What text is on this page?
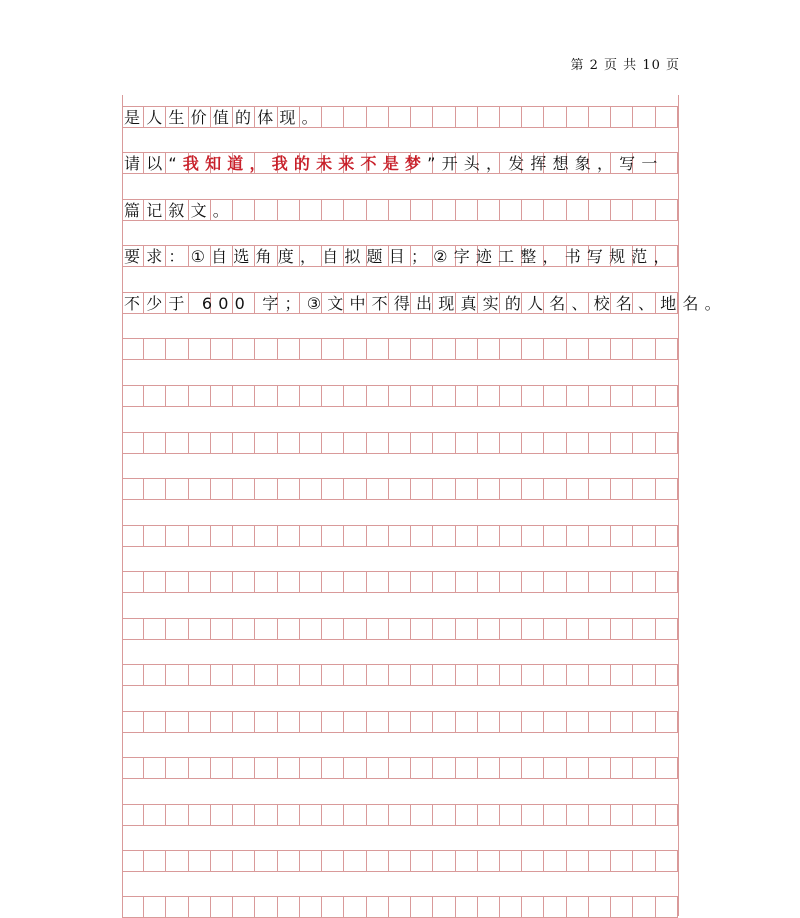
第 2 页 共 10 页
是人生价值的体现。
请以“我知道，我的未来不是梦”开头，发挥想象，写一
篇记叙文。
要求：①自选角度，自拟题目；②字迹工整，书写规范，
不少于 600 字；③文中不得出现真实的人名、校名、地名。
